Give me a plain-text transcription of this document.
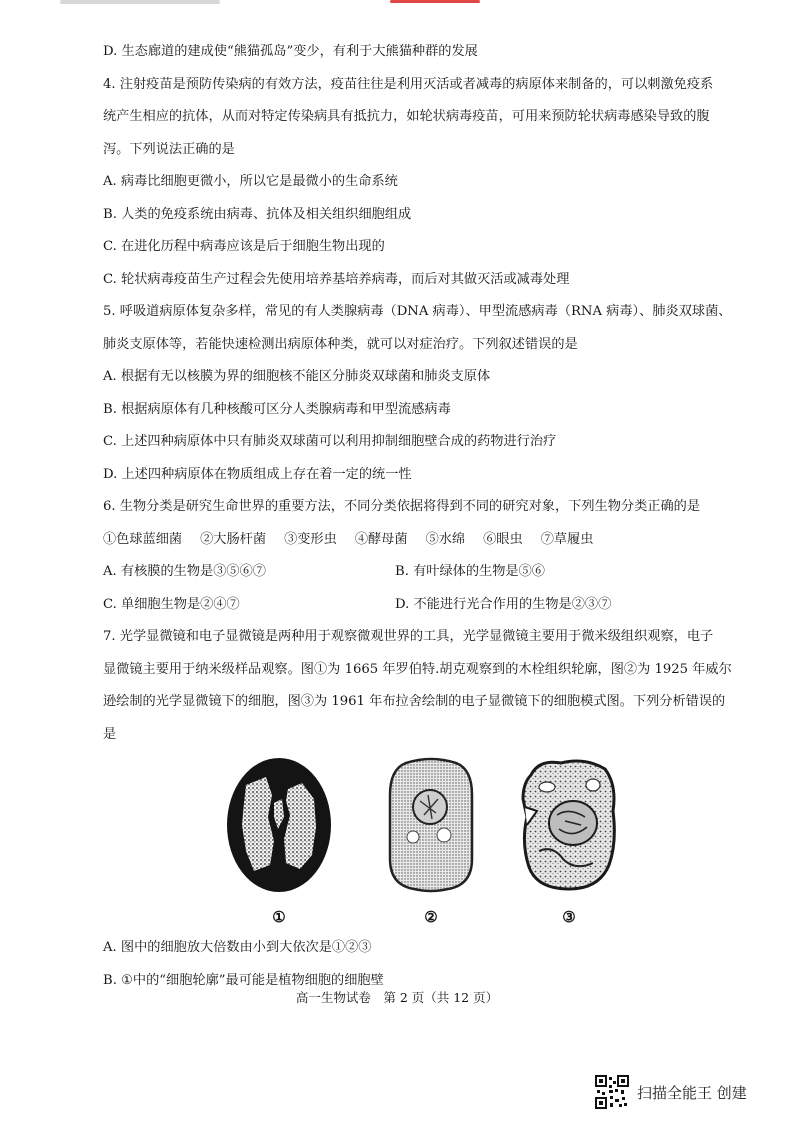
D. 生态廊道的建成使“熊猫孤岛”变少，有利于大熊猫种群的发展
4. 注射疫苗是预防传染病的有效方法，疫苗往往是利用灭活或者减毒的病原体来制备的，可以刺激免疫系
统产生相应的抗体，从而对特定传染病具有抵抗力，如轮状病毒疫苗，可用来预防轮状病毒感染导致的腹
泻。下列说法正确的是
A. 病毒比细胞更微小，所以它是最微小的生命系统
B. 人类的免疫系统由病毒、抗体及相关组织细胞组成
C. 在进化历程中病毒应该是后于细胞生物出现的
C. 轮状病毒疫苗生产过程会先使用培养基培养病毒，而后对其做灭活或减毒处理
5. 呼吸道病原体复杂多样，常见的有人类腺病毒（DNA 病毒）、甲型流感病毒（RNA 病毒）、肺炎双球菌、
肺炎支原体等，若能快速检测出病原体种类，就可以对症治疗。下列叙述错误的是
A. 根据有无以核膜为界的细胞核不能区分肺炎双球菌和肺炎支原体
B. 根据病原体有几种核酸可区分人类腺病毒和甲型流感病毒
C. 上述四种病原体中只有肺炎双球菌可以利用抑制细胞壁合成的药物进行治疗
D. 上述四种病原体在物质组成上存在着一定的统一性
6. 生物分类是研究生命世界的重要方法，不同分类依据将得到不同的研究对象，下列生物分类正确的是
①色球蓝细菌 ②大肠杆菌 ③变形虫 ④酵母菌 ⑤水绵 ⑥眼虫 ⑦草履虫
A. 有核膜的生物是③⑤⑥⑦	B. 有叶绿体的生物是⑤⑥
C. 单细胞生物是②④⑦	D. 不能进行光合作用的生物是②③⑦
7. 光学显微镜和电子显微镜是两种用于观察微观世界的工具，光学显微镜主要用于微米级组织观察，电子
显微镜主要用于纳米级样品观察。图①为 1665 年罗伯特.胡克观察到的木栓组织轮廓，图②为 1925 年威尔
逊绘制的光学显微镜下的细胞，图③为 1961 年布拉舍绘制的电子显微镜下的细胞模式图。下列分析错误的
是
①	②	③
A. 图中的细胞放大倍数由小到大依次是①②③
B. ①中的“细胞轮廓”最可能是植物细胞的细胞壁
高一生物试卷　第 2 页（共 12 页）
扫描全能王 创建
